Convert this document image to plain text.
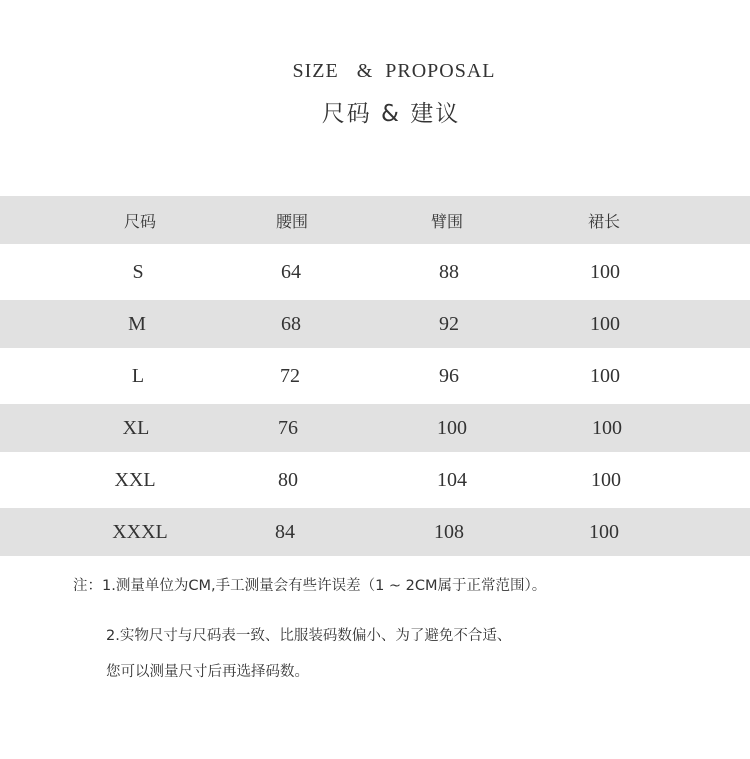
SIZE   &  PROPOSAL
尺码 & 建议
尺码	腰围	臂围	裙长
S	64	88	100
M	68	92	100
L	72	96	100
XL	76	100	100
XXL	80	104	100
XXXL	84	108	100
注：1.测量单位为CM,手工测量会有些许误差（1 ~ 2CM属于正常范围）。
2.实物尺寸与尺码表一致、比服装码数偏小、为了避免不合适、
您可以测量尺寸后再选择码数。
